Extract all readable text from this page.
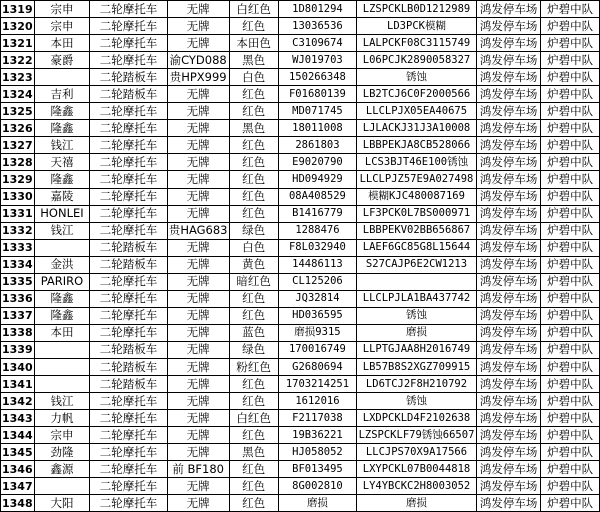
1319	宗申	二轮摩托车	无牌	白红色	1D801294	LZSPCKLB0D1212989	鸿发停车场	炉碧中队
1320	宗申	二轮摩托车	无牌	红色	13036536	LD3PCK模糊	鸿发停车场	炉碧中队
1321	本田	二轮摩托车	无牌	本田色	C3109674	LALPCKF08C3115749	鸿发停车场	炉碧中队
1322	豪爵	二轮摩托车	渝CYD088	黑色	WJ019703	L06PCJK2890058327	鸿发停车场	炉碧中队
1323		二轮踏板车	贵HPX999	白色	150266348	锈蚀	鸿发停车场	炉碧中队
1324	吉利	二轮踏板车	无牌	红色	F01680139	LB2TCJ6C0F2000566	鸿发停车场	炉碧中队
1325	隆鑫	二轮摩托车	无牌	红色	MD071745	LLCLPJX05EA40675	鸿发停车场	炉碧中队
1326	隆鑫	二轮摩托车	无牌	黑色	18011008	LJLACKJ31J3A10008	鸿发停车场	炉碧中队
1327	钱江	二轮摩托车	无牌	红色	2861803	LBBPEKJA8CB528066	鸿发停车场	炉碧中队
1328	天禧	二轮摩托车	无牌	红色	E9020790	LCS3BJT46E100锈蚀	鸿发停车场	炉碧中队
1329	隆鑫	二轮摩托车	无牌	红色	HD094929	LLCLPJZ57E9A027498	鸿发停车场	炉碧中队
1330	嘉陵	二轮摩托车	无牌	红色	08A408529	模糊KJC480087169	鸿发停车场	炉碧中队
1331	HONLEI	二轮摩托车	无牌	红色	B1416779	LF3PCK0L7BS000971	鸿发停车场	炉碧中队
1332	钱江	二轮摩托车	贵HAG683	绿色	1288476	LBBPEKV02BB656867	鸿发停车场	炉碧中队
1333		二轮踏板车	无牌	白色	F8L032940	LAEF6GC85G8L15644	鸿发停车场	炉碧中队
1334	金洪	二轮踏板车	无牌	黄色	14486113	S27CAJP6E2CW1213	鸿发停车场	炉碧中队
1335	PARIRO	二轮摩托车	无牌	暗红色	CL125206		鸿发停车场	炉碧中队
1336	隆鑫	二轮摩托车	无牌	红色	JQ32814	LLCLPJLA1BA437742	鸿发停车场	炉碧中队
1337	隆鑫	二轮摩托车	无牌	红色	HD036595	锈蚀	鸿发停车场	炉碧中队
1338	本田	二轮摩托车	无牌	蓝色	磨损9315	磨损	鸿发停车场	炉碧中队
1339		二轮踏板车	无牌	绿色	170016749	LLPTGJAA8H2016749	鸿发停车场	炉碧中队
1340		二轮踏板车	无牌	粉红色	G2680694	LB57B8S2XGZ709915	鸿发停车场	炉碧中队
1341		二轮踏板车	无牌	红色	1703214251	LD6TCJ2F8H210792	鸿发停车场	炉碧中队
1342	钱江	二轮摩托车	无牌	红色	1612016	锈蚀	鸿发停车场	炉碧中队
1343	力帆	二轮摩托车	无牌	白红色	F2117038	LXDPCKLD4F2102638	鸿发停车场	炉碧中队
1344	宗申	二轮摩托车	无牌	红色	19B36221	LZSPCKLF79锈蚀66507	鸿发停车场	炉碧中队
1345	劲隆	二轮摩托车	无牌	黑色	HJ058052	LLCJPS70X9A17566	鸿发停车场	炉碧中队
1346	鑫源	二轮摩托车	前 BF180	红色	BF013495	LXYPCKL07B0044818	鸿发停车场	炉碧中队
1347		二轮摩托车	无牌	红色	8G002810	LY4YBCKC2H8003052	鸿发停车场	炉碧中队
1348	大阳	二轮摩托车	无牌	红色	磨损	磨损	鸿发停车场	炉碧中队
